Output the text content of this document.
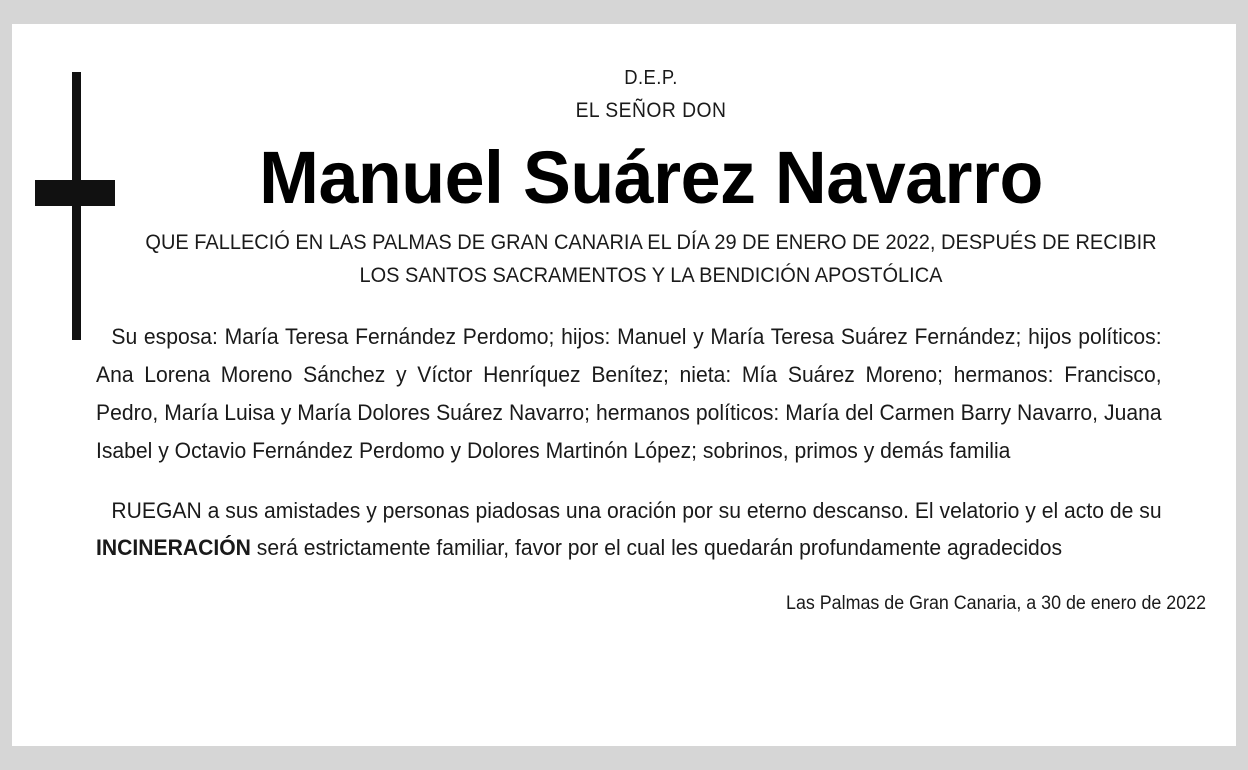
D.E.P.
EL SEÑOR DON
Manuel Suárez Navarro
QUE FALLECIÓ EN LAS PALMAS DE GRAN CANARIA EL DÍA 29 DE ENERO DE 2022, DESPUÉS DE RECIBIR LOS SANTOS SACRAMENTOS Y LA BENDICIÓN APOSTÓLICA
Su esposa: María Teresa Fernández Perdomo; hijos: Manuel y María Teresa Suárez Fernández; hijos políticos: Ana Lorena Moreno Sánchez y Víctor Henríquez Benítez; nieta: Mía Suárez Moreno; hermanos: Francisco, Pedro, María Luisa y María Dolores Suárez Navarro; hermanos políticos: María del Carmen Barry Navarro, Juana Isabel y Octavio Fernández Perdomo y Dolores Martinón López; sobrinos, primos y demás familia
RUEGAN a sus amistades y personas piadosas una oración por su eterno descanso. El velatorio y el acto de su INCINERACIÓN será estrictamente familiar, favor por el cual les quedarán profundamente agradecidos
Las Palmas de Gran Canaria, a 30 de enero de 2022
